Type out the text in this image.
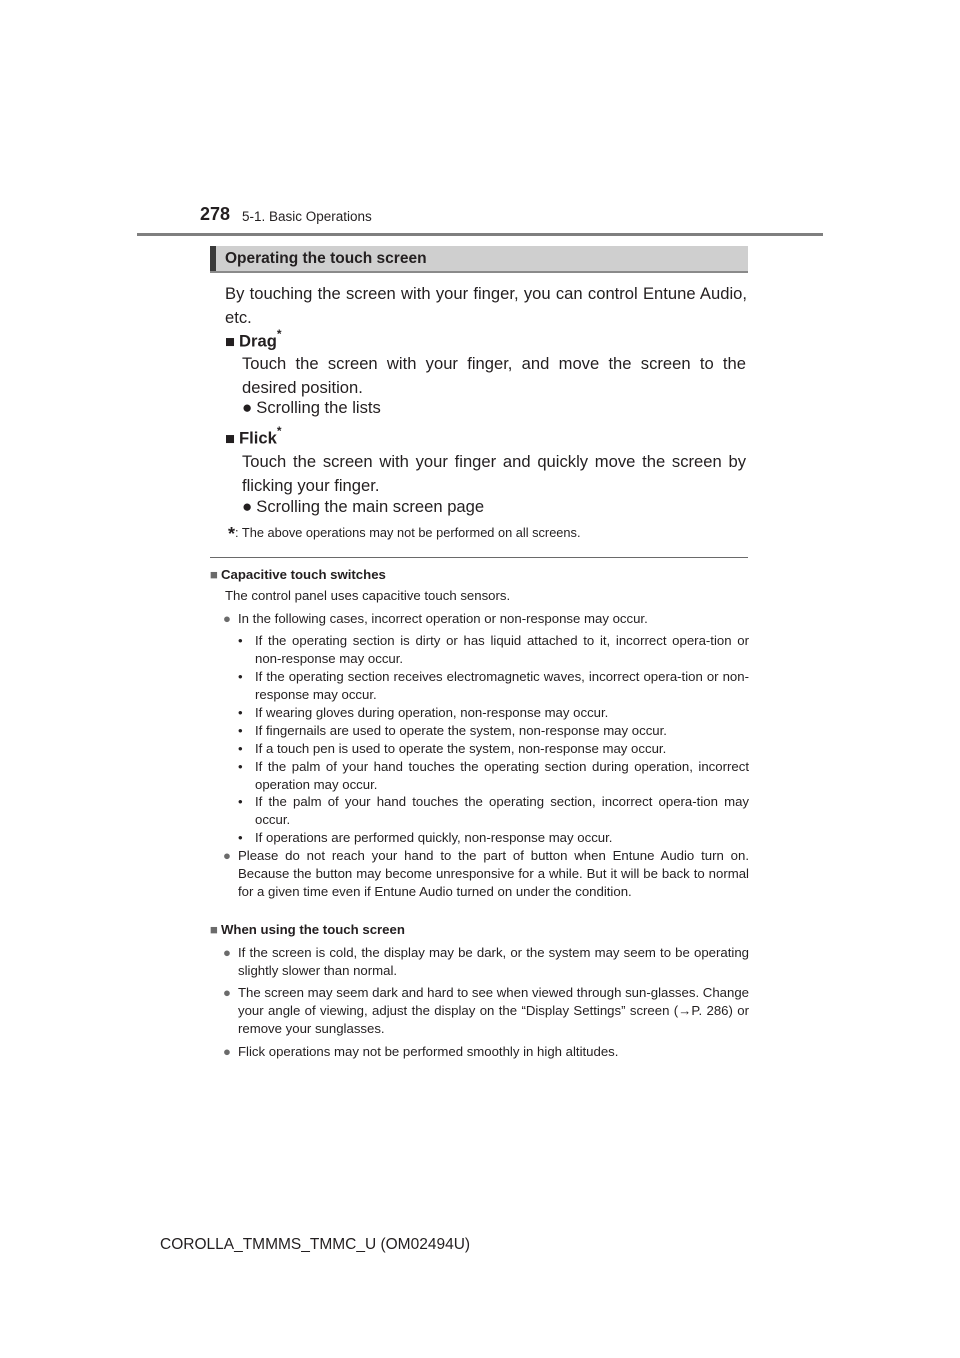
278 5-1. Basic Operations
Operating the touch screen
By touching the screen with your finger, you can control Entune Audio, etc.
■ Drag*
Touch the screen with your finger, and move the screen to the desired position.
● Scrolling the lists
■ Flick*
Touch the screen with your finger and quickly move the screen by flicking your finger.
● Scrolling the main screen page
*: The above operations may not be performed on all screens.
■ Capacitive touch switches
The control panel uses capacitive touch sensors.
● In the following cases, incorrect operation or non-response may occur.
• If the operating section is dirty or has liquid attached to it, incorrect opera-tion or non-response may occur.
• If the operating section receives electromagnetic waves, incorrect opera-tion or non-response may occur.
• If wearing gloves during operation, non-response may occur.
• If fingernails are used to operate the system, non-response may occur.
• If a touch pen is used to operate the system, non-response may occur.
• If the palm of your hand touches the operating section during operation, incorrect operation may occur.
• If the palm of your hand touches the operating section, incorrect opera-tion may occur.
• If operations are performed quickly, non-response may occur.
● Please do not reach your hand to the part of button when Entune Audio turn on. Because the button may become unresponsive for a while. But it will be back to normal for a given time even if Entune Audio turned on under the condition.
■ When using the touch screen
● If the screen is cold, the display may be dark, or the system may seem to be operating slightly slower than normal.
● The screen may seem dark and hard to see when viewed through sun-glasses. Change your angle of viewing, adjust the display on the “Display Settings” screen (→P. 286) or remove your sunglasses.
● Flick operations may not be performed smoothly in high altitudes.
COROLLA_TMMMS_TMMC_U (OM02494U)
